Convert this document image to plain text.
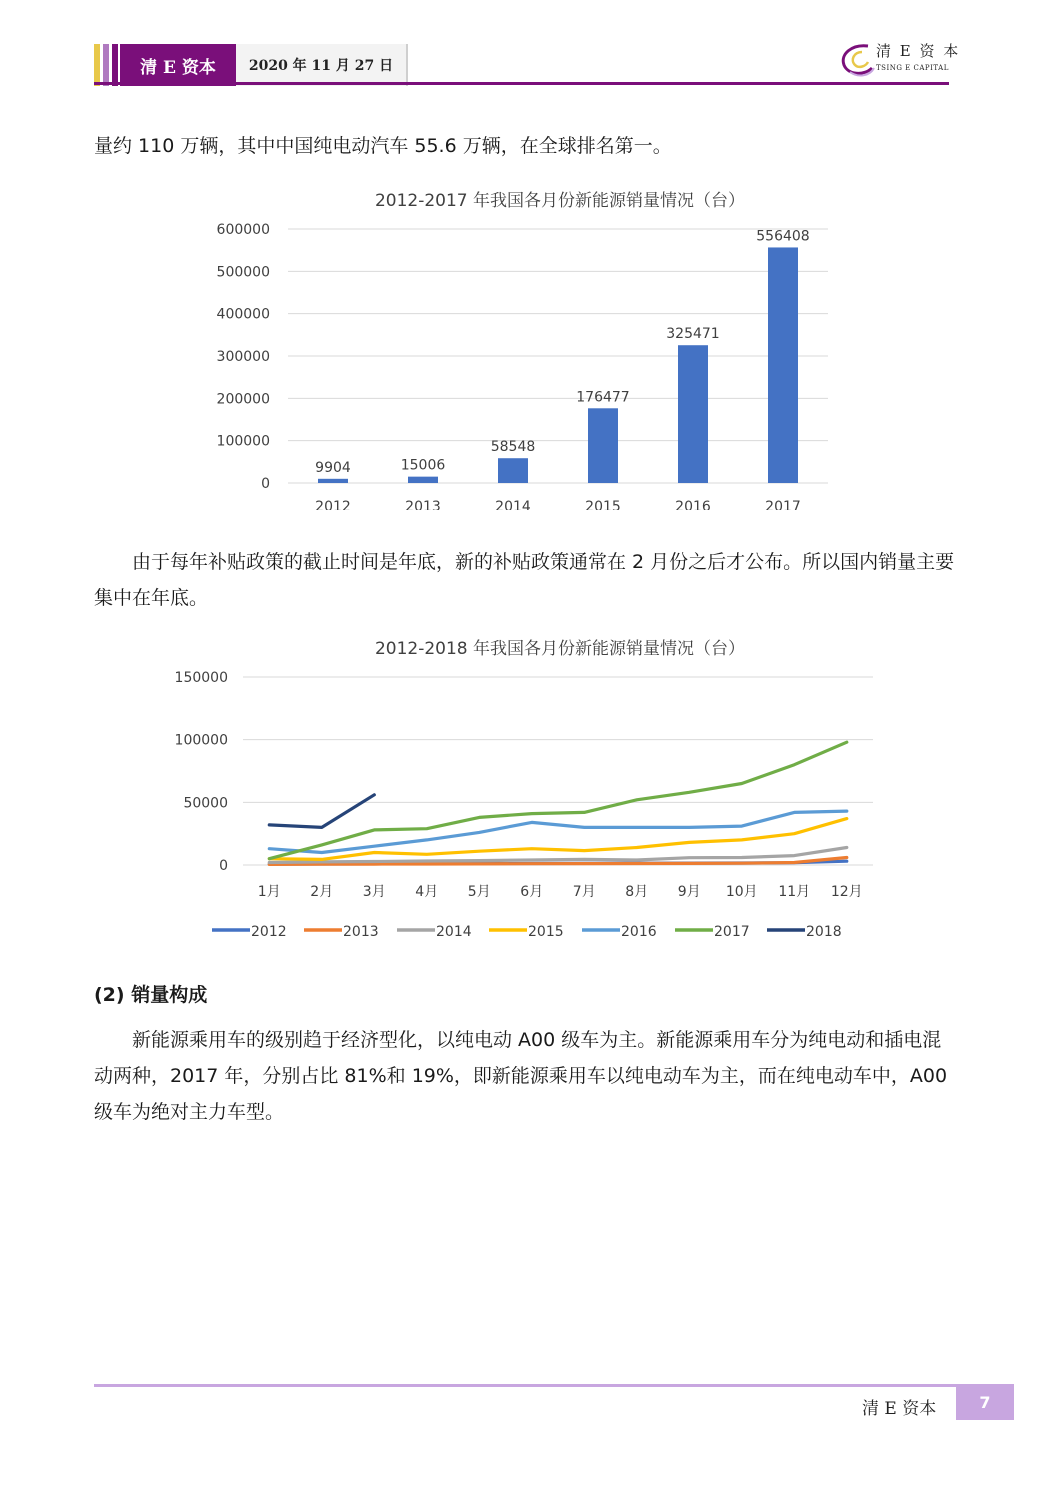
清 E 资本	2020 年 11 月 27 日
清 E 资 本
TSING E CAPITAL
量约 110 万辆，其中中国纯电动汽车 55.6 万辆，在全球排名第一。
2012-2017 年我国各月份新能源销量情况（台）
0
100000
200000
300000
400000
500000
600000
9904
2012
15006
2013
58548
2014
176477
2015
325471
2016
556408
2017
由于每年补贴政策的截止时间是年底，新的补贴政策通常在 2 月份之后才公布。所以国内销量主要集中在年底。
2012-2018 年我国各月份新能源销量情况（台）
0
50000
100000
150000
1月 2月 3月 4月 5月 6月 7月 8月 9月 10月 11月 12月
2012	2013	2014	2015	2016	2017	2018
(2) 销量构成
新能源乘用车的级别趋于经济型化，以纯电动 A00 级车为主。新能源乘用车分为纯电动和插电混动两种，2017 年，分别占比 81%和 19%，即新能源乘用车以纯电动车为主，而在纯电动车中，A00 级车为绝对主力车型。
清 E 资本	7
